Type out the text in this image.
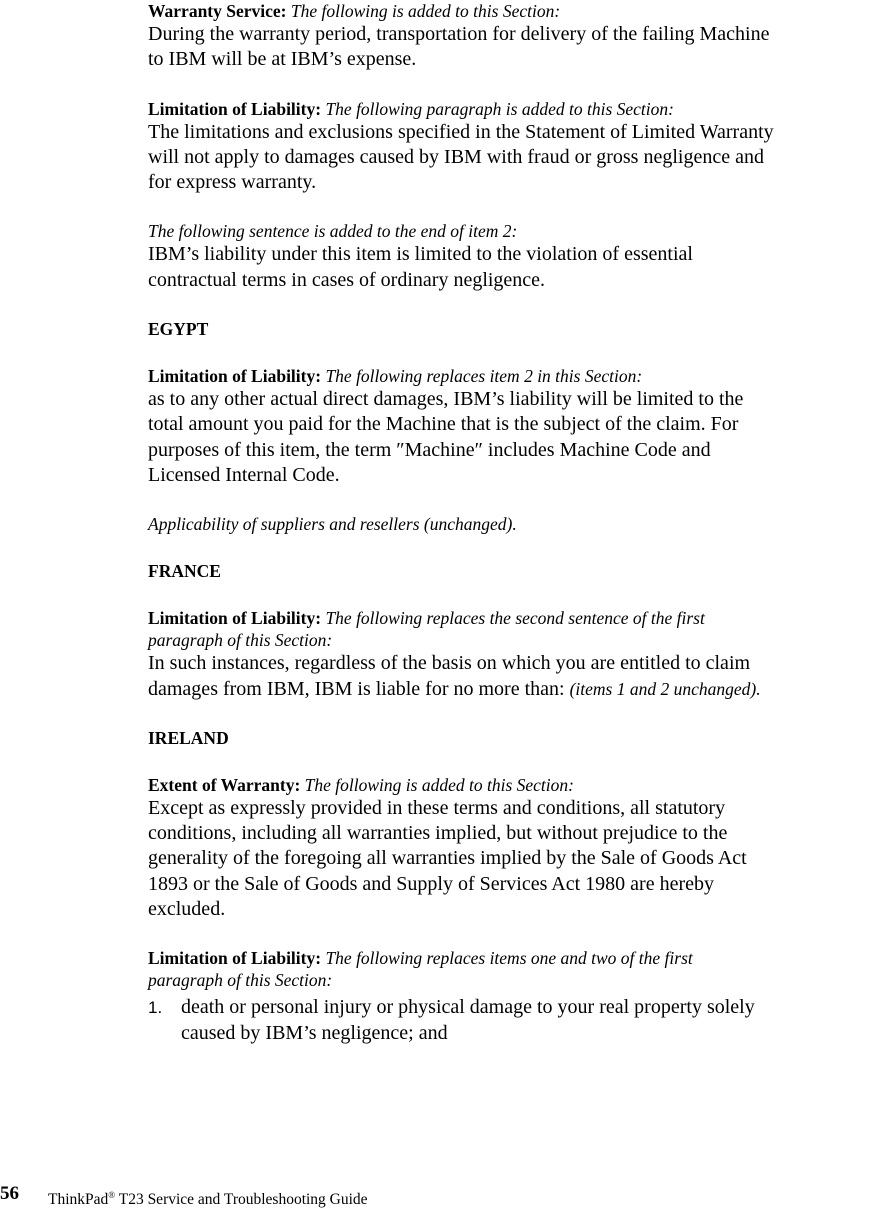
Warranty Service: The following is added to this Section:
During the warranty period, transportation for delivery of the failing Machine
to IBM will be at IBM’s expense.
Limitation of Liability: The following paragraph is added to this Section:
The limitations and exclusions specified in the Statement of Limited Warranty
will not apply to damages caused by IBM with fraud or gross negligence and
for express warranty.
The following sentence is added to the end of item 2:
IBM’s liability under this item is limited to the violation of essential
contractual terms in cases of ordinary negligence.
EGYPT
Limitation of Liability: The following replaces item 2 in this Section:
as to any other actual direct damages, IBM’s liability will be limited to the
total amount you paid for the Machine that is the subject of the claim. For
purposes of this item, the term ″Machine″ includes Machine Code and
Licensed Internal Code.
Applicability of suppliers and resellers (unchanged).
FRANCE
Limitation of Liability: The following replaces the second sentence of the first
paragraph of this Section:
In such instances, regardless of the basis on which you are entitled to claim
damages from IBM, IBM is liable for no more than: (items 1 and 2 unchanged).
IRELAND
Extent of Warranty: The following is added to this Section:
Except as expressly provided in these terms and conditions, all statutory
conditions, including all warranties implied, but without prejudice to the
generality of the foregoing all warranties implied by the Sale of Goods Act
1893 or the Sale of Goods and Supply of Services Act 1980 are hereby
excluded.
Limitation of Liability: The following replaces items one and two of the first
paragraph of this Section:
1. death or personal injury or physical damage to your real property solely
caused by IBM’s negligence; and
56 ThinkPad® T23 Service and Troubleshooting Guide
